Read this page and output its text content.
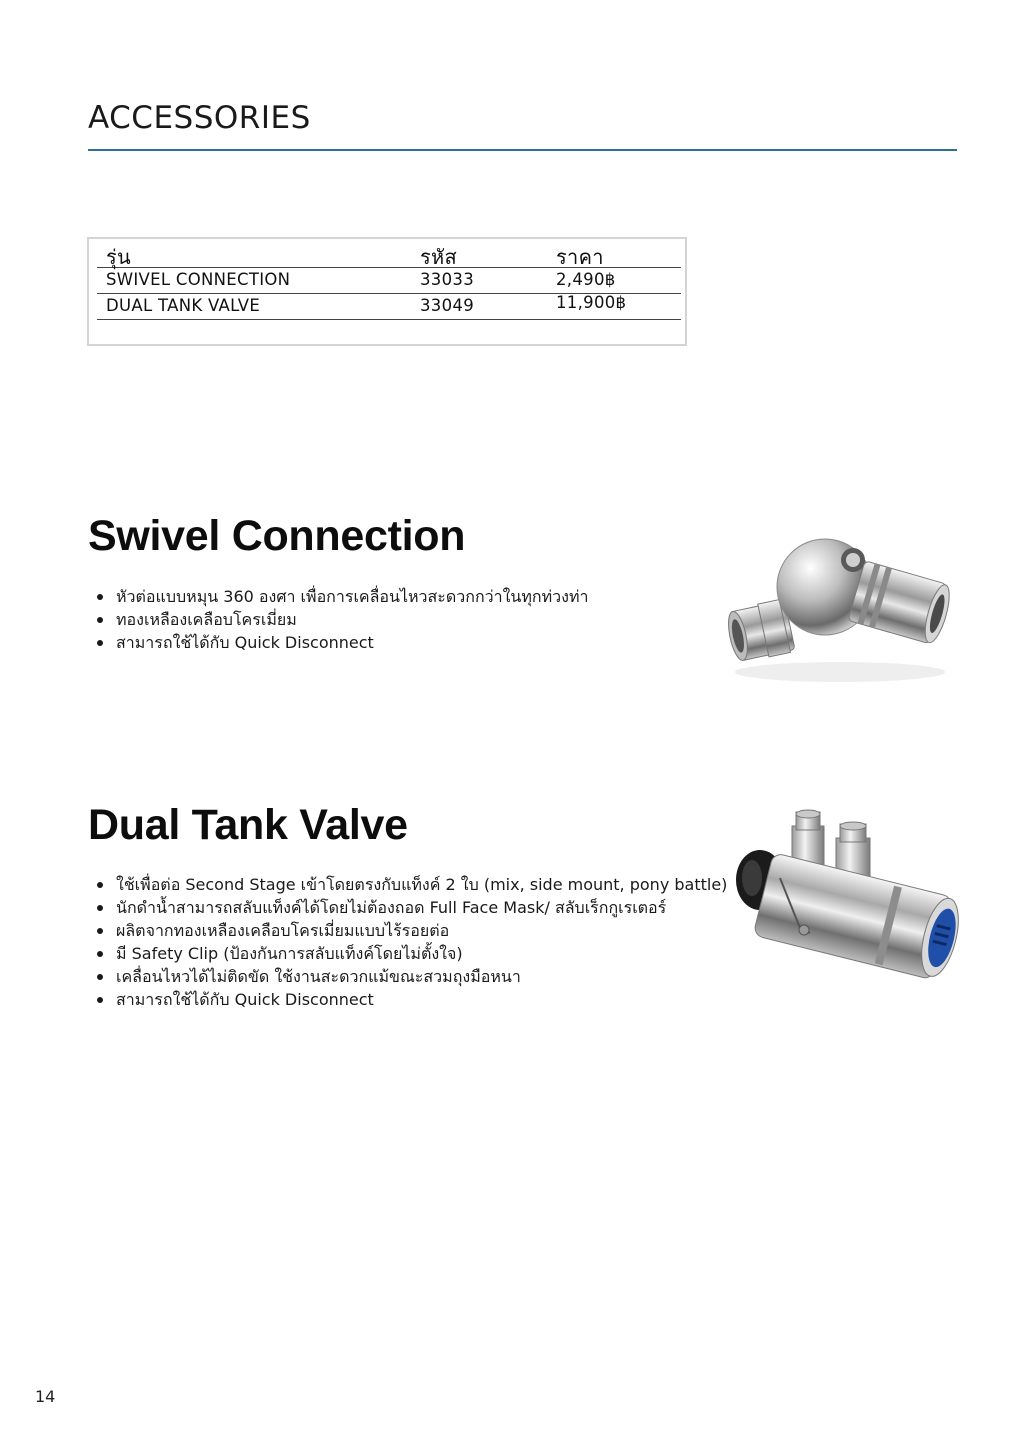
ACCESSORIES
รุ่น	รหัส	ราคา
SWIVEL CONNECTION	33033	2,490฿
DUAL TANK VALVE	33049	11,900฿
Swivel Connection
หัวต่อแบบหมุน 360 องศา เพื่อการเคลื่อนไหวสะดวกกว่าในทุกท่วงท่า
ทองเหลืองเคลือบโครเมี่ยม
สามารถใช้ได้กับ Quick Disconnect
Dual Tank Valve
ใช้เพื่อต่อ Second Stage เข้าโดยตรงกับแท็งค์ 2 ใบ (mix, side mount, pony battle)
นักดำน้ำสามารถสลับแท็งค์ได้โดยไม่ต้องถอด Full Face Mask/ สลับเร็กกูเรเตอร์
ผลิตจากทองเหลืองเคลือบโครเมี่ยมแบบไร้รอยต่อ
มี Safety Clip (ป้องกันการสลับแท็งค์โดยไม่ตั้งใจ)
เคลื่อนไหวได้ไม่ติดขัด ใช้งานสะดวกแม้ขณะสวมถุงมือหนา
สามารถใช้ได้กับ Quick Disconnect
14
